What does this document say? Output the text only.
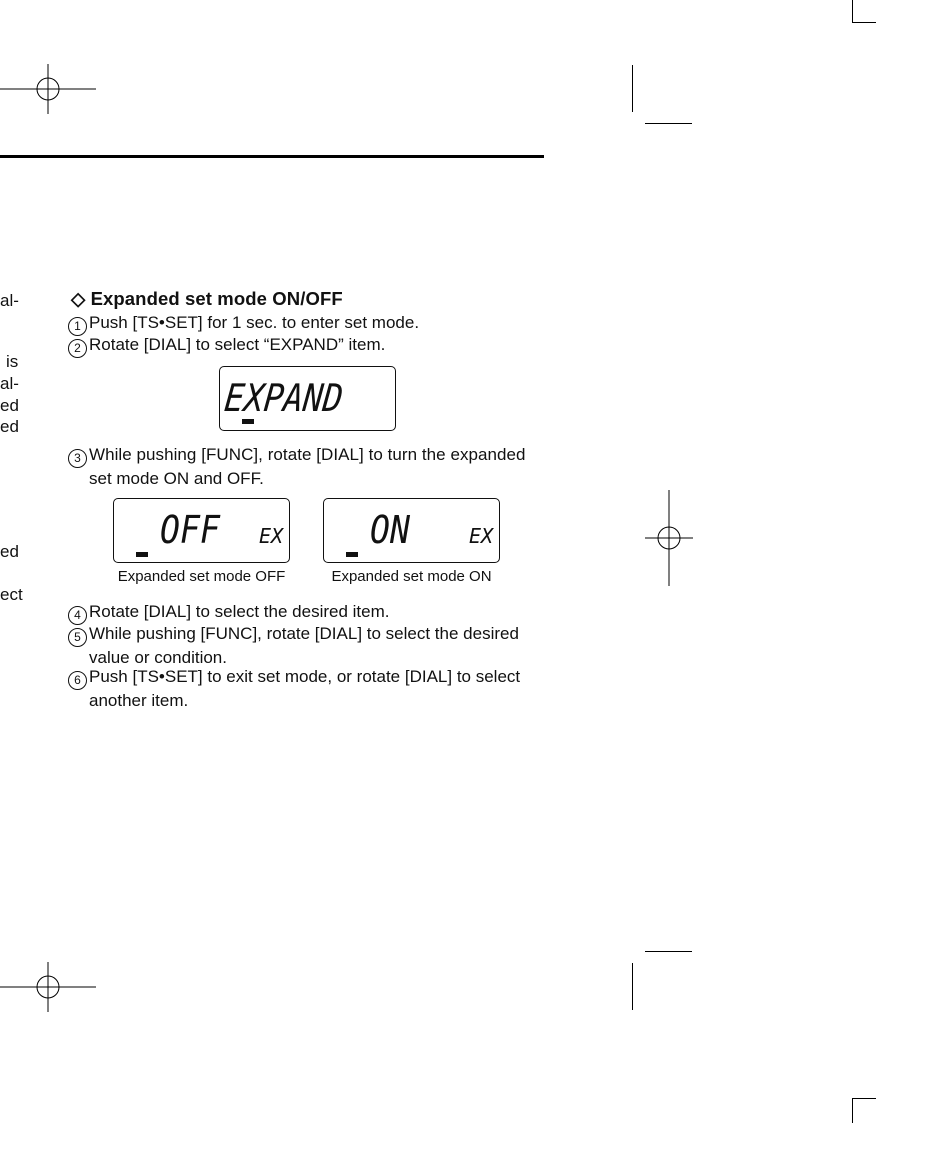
al-
is
al-
ed
ed
ed
ect
◇ Expanded set mode ON/OFF
1 Push [TS•SET] for 1 sec. to enter set mode.
2 Rotate [DIAL] to select “EXPAND” item.
EXPAND
3 While pushing [FUNC], rotate [DIAL] to turn the expanded
set mode ON and OFF.
OFF EX
Expanded set mode OFF
ON	EX
Expanded set mode ON
4 Rotate [DIAL] to select the desired item.
5 While pushing [FUNC], rotate [DIAL] to select the desired
value or condition.
6 Push [TS•SET] to exit set mode, or rotate [DIAL] to select
another item.
